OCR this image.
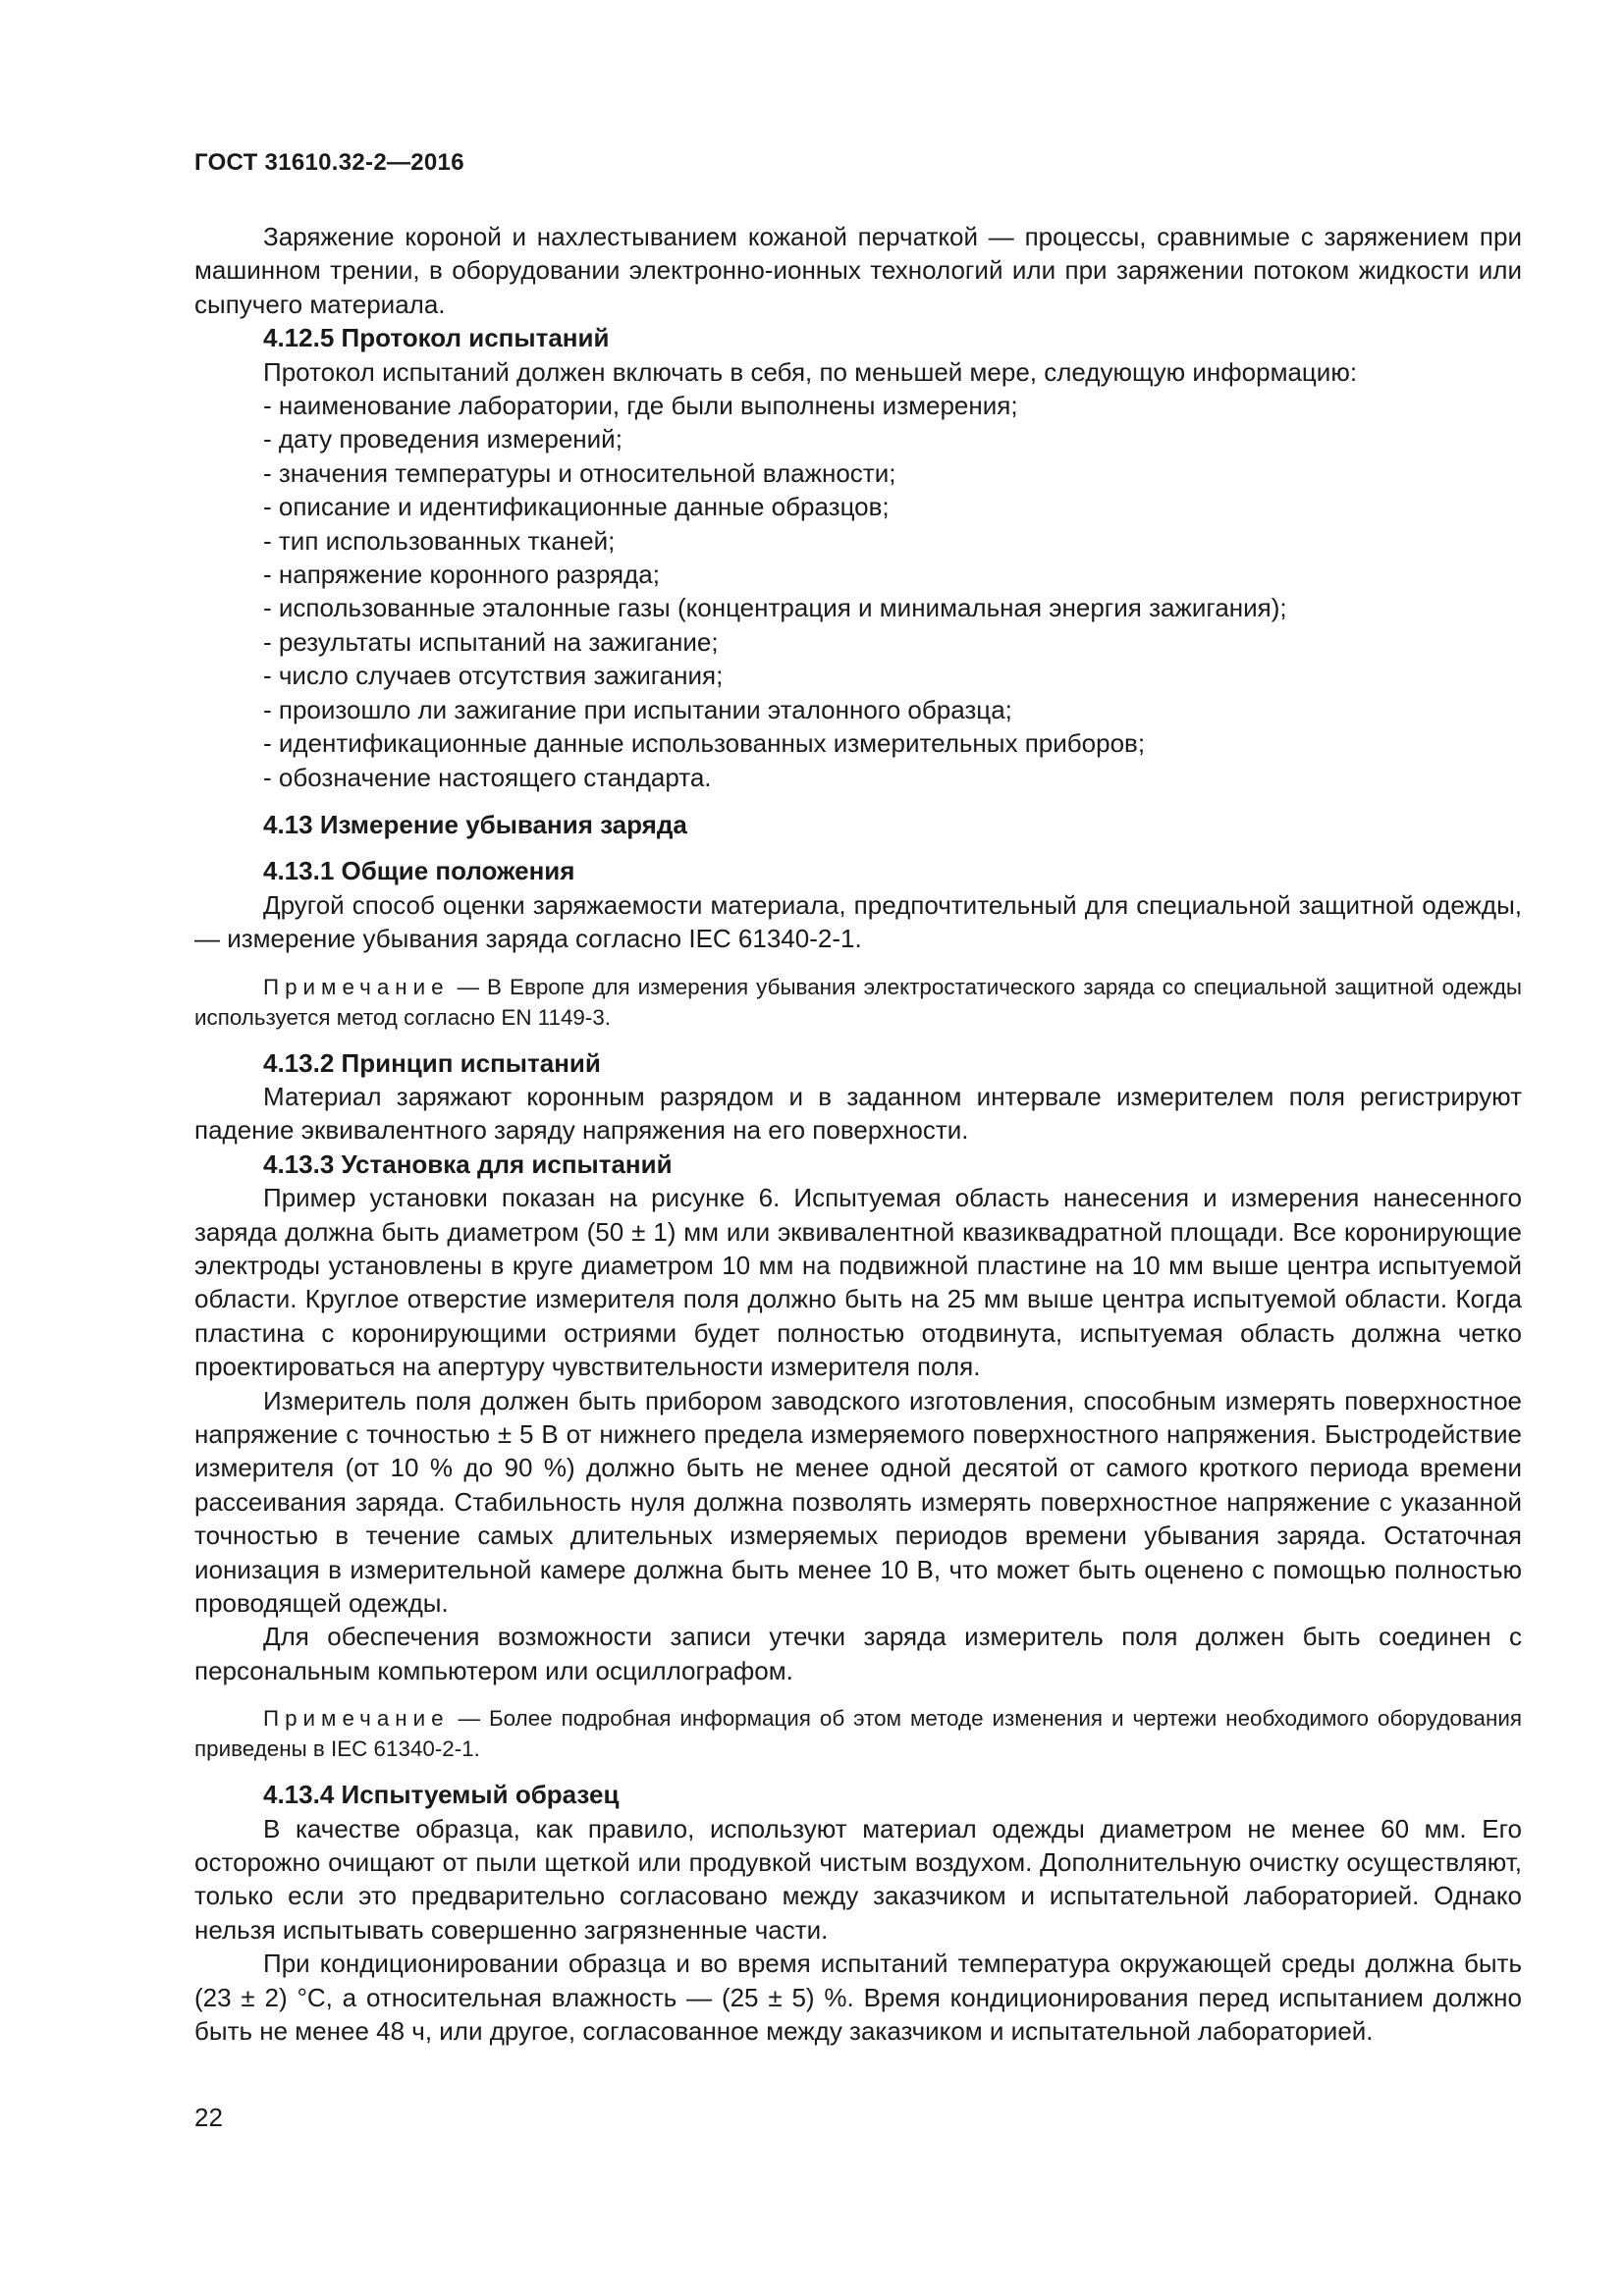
ГОСТ 31610.32-2—2016

Заряжение короной и нахлестыванием кожаной перчаткой — процессы, сравнимые с заряжением при машинном трении, в оборудовании электронно-ионных технологий или при заряжении потоком жидкости или сыпучего материала.

4.12.5 Протокол испытаний

Протокол испытаний должен включать в себя, по меньшей мере, следующую информацию:

- наименование лаборатории, где были выполнены измерения;

- дату проведения измерений;

- значения температуры и относительной влажности;

- описание и идентификационные данные образцов;

- тип использованных тканей;

- напряжение коронного разряда;

- использованные эталонные газы (концентрация и минимальная энергия зажигания);

- результаты испытаний на зажигание;

- число случаев отсутствия зажигания;

- произошло ли зажигание при испытании эталонного образца;

- идентификационные данные использованных измерительных приборов;

- обозначение настоящего стандарта.

4.13 Измерение убывания заряда

4.13.1 Общие положения

Другой способ оценки заряжаемости материала, предпочтительный для специальной защитной одежды, — измерение убывания заряда согласно IEC 61340-2-1.

Примечание — В Европе для измерения убывания электростатического заряда со специальной защитной одежды используется метод согласно EN 1149-3.

4.13.2 Принцип испытаний

Материал заряжают коронным разрядом и в заданном интервале измерителем поля регистрируют падение эквивалентного заряду напряжения на его поверхности.

4.13.3 Установка для испытаний

Пример установки показан на рисунке 6. Испытуемая область нанесения и измерения нанесенного заряда должна быть диаметром (50 ± 1) мм или эквивалентной квазиквадратной площади. Все коронирующие электроды установлены в круге диаметром 10 мм на подвижной пластине на 10 мм выше центра испытуемой области. Круглое отверстие измерителя поля должно быть на 25 мм выше центра испытуемой области. Когда пластина с коронирующими остриями будет полностью отодвинута, испытуемая область должна четко проектироваться на апертуру чувствительности измерителя поля.

Измеритель поля должен быть прибором заводского изготовления, способным измерять поверхностное напряжение с точностью ± 5 В от нижнего предела измеряемого поверхностного напряжения. Быстродействие измерителя (от 10 % до 90 %) должно быть не менее одной десятой от самого кроткого периода времени рассеивания заряда. Стабильность нуля должна позволять измерять поверхностное напряжение с указанной точностью в течение самых длительных измеряемых периодов времени убывания заряда. Остаточная ионизация в измерительной камере должна быть менее 10 В, что может быть оценено с помощью полностью проводящей одежды.

Для обеспечения возможности записи утечки заряда измеритель поля должен быть соединен с персональным компьютером или осциллографом.

Примечание — Более подробная информация об этом методе изменения и чертежи необходимого оборудования приведены в IEC 61340-2-1.

4.13.4 Испытуемый образец

В качестве образца, как правило, используют материал одежды диаметром не менее 60 мм. Его осторожно очищают от пыли щеткой или продувкой чистым воздухом. Дополнительную очистку осуществляют, только если это предварительно согласовано между заказчиком и испытательной лабораторией. Однако нельзя испытывать совершенно загрязненные части.

При кондиционировании образца и во время испытаний температура окружающей среды должна быть (23 ± 2) °С, а относительная влажность — (25 ± 5) %. Время кондиционирования перед испытанием должно быть не менее 48 ч, или другое, согласованное между заказчиком и испытательной лабораторией.

22
